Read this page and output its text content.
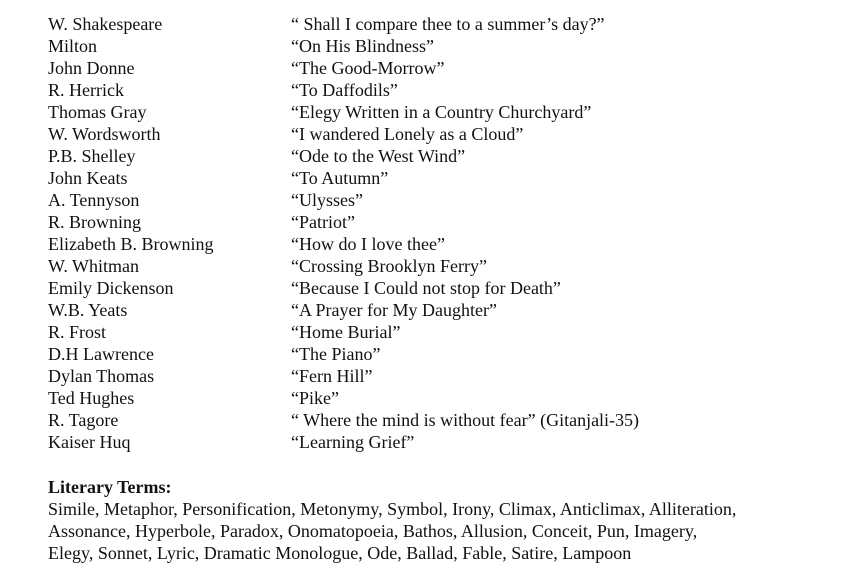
W. Shakespeare	“ Shall I compare thee to a summer’s day?”
Milton	“On His Blindness”
John Donne	“The Good-Morrow”
R. Herrick	“To Daffodils”
Thomas Gray	“Elegy Written in a Country Churchyard”
W. Wordsworth	“I wandered Lonely as a Cloud”
P.B. Shelley	“Ode to the West Wind”
John Keats	“To Autumn”
A. Tennyson	“Ulysses”
R. Browning	“Patriot”
Elizabeth B. Browning	“How do I love thee”
W. Whitman	“Crossing Brooklyn Ferry”
Emily Dickenson	“Because I Could not stop for Death”
W.B. Yeats	“A Prayer for My Daughter”
R. Frost	“Home Burial”
D.H Lawrence	“The Piano”
Dylan Thomas	“Fern Hill”
Ted Hughes	“Pike”
R. Tagore	“ Where the mind is without fear” (Gitanjali-35)
Kaiser Huq	“Learning Grief”
Literary Terms:
Simile, Metaphor, Personification, Metonymy, Symbol, Irony, Climax, Anticlimax, Alliteration,
Assonance, Hyperbole, Paradox, Onomatopoeia, Bathos, Allusion, Conceit, Pun, Imagery,
Elegy, Sonnet, Lyric, Dramatic Monologue, Ode, Ballad, Fable, Satire, Lampoon
